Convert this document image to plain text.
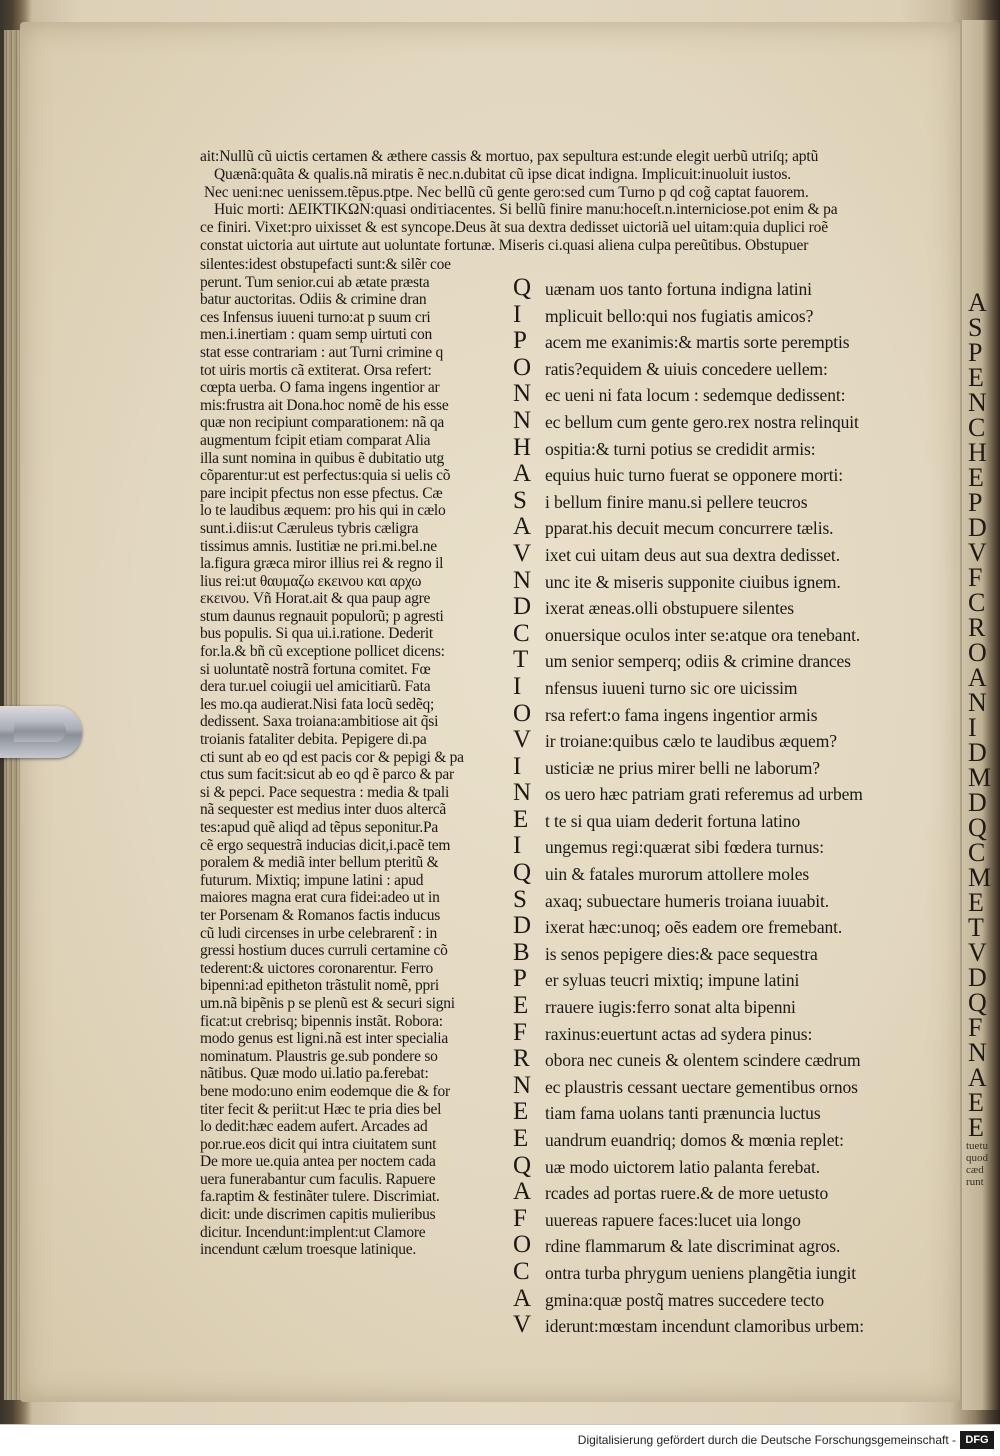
A
S
P
E
N
C
H
E
P
D
V
F
C
R
O
A
N
I
D
M
D
Q
C
M
E
T
V
D
Q
F
N
A
E
E
tuetu
quod
cæd
runt
ait:Nullũ cũ uictis certamen & æthere cassis & mortuo, pax sepultura est:unde elegit uerbũ utriſq; aptũ
Quænã:quãta & qualis.nã miratis ẽ nec.n.dubitat cũ ipse dicat indigna. Implicuit:inuoluit iustos.
Nec ueni:nec uenissem.tẽpus.ptpe. Nec bellũ cũ gente gero:sed cum Turno p qd cog̃ captat fauorem.
Huic morti: ΔΕΙΚΤΙΚΩΝ:quasi ondiτiacentes. Si bellũ finire manu:hoceſt.n.interniciose.pot enim & pa
ce finiri. Vixet:pro uixisset & est syncope.Deus ãt sua dextra dedisset uictoriã uel uitam:quia duplici roẽ
constat uictoria aut uirtute aut uoluntate fortunæ. Miseris ci.quasi aliena culpa pereũtibus. Obstupuer
silentes:idest obstupefacti sunt:& silẽr coe
perunt. Tum senior.cui ab ætate præsta
batur auctoritas. Odiis & crimine dran
ces Infensus iuueni turno:at p suum cri
men.i.inertiam : quam semp uirtuti con
stat esse contrariam : aut Turni crimine q
tot uiris mortis cã extiterat. Orsa refert:
cœpta uerba. O fama ingens ingentior ar
mis:frustra ait Dona.hoc nomẽ de his esse
quæ non recipiunt comparationem: nã qa
augmentum fcipit etiam comparat Alia
illa sunt nomina in quibus ẽ dubitatio utg
cõparentur:ut est perfectus:quia si uelis cõ
pare incipit pfectus non esse pfectus. Cæ
lo te laudibus æquem: pro his qui in cælo
sunt.i.diis:ut Cæruleus tybris cæligra
tissimus amnis. Iustitiæ ne pri.mi.bel.ne
la.figura græca miror illius rei & regno il
lius rei:ut θαυμαζω εκεινου και αρχω
εκεινου. Vñ Horat.ait & qua paup agre
stum daunus regnauit populorũ; p agresti
bus populis. Si qua ui.i.ratione. Dederit
for.la.& bñ cũ exceptione pollicet dicens:
si uoluntatẽ nostrã fortuna comitet. Fœ
dera tur.uel coiugii uel amicitiarũ. Fata
les mo.qa audierat.Nisi fata locũ sedẽq;
dedissent. Saxa troiana:ambitiose ait q̃si
troianis fataliter debita. Pepigere di.pa
cti sunt ab eo qd est pacis cor & pepigi & pa
ctus sum facit:sicut ab eo qd ẽ parco & par
si & pepci. Pace sequestra : media & tpali
nã sequester est medius inter duos altercã
tes:apud quẽ aliqd ad tẽpus seponitur.Pa
cẽ ergo sequestrã inducias dicit,i.pacẽ tem
poralem & mediã inter bellum pteritũ &
futurum. Mixtiq; impune latini : apud
maiores magna erat cura fidei:adeo ut in
ter Porsenam & Romanos factis inducus
cũ ludi circenses in urbe celebrarent̃ : in
gressi hostium duces curruli certamine cõ
tederent:& uictores coronarentur. Ferro
bipenni:ad epitheton trãstulit nomẽ, ppri
um.nã bipẽnis p se plenũ est & securi signi
ficat:ut crebrisq; bipennis instãt. Robora:
modo genus est ligni.nã est inter specialia
nominatum. Plaustris ge.sub pondere so
nãtibus. Quæ modo ui.latio pa.ferebat:
bene modo:uno enim eodemque die & for
titer fecit & periit:ut Hæc te pria dies bel
lo dedit:hæc eadem aufert. Arcades ad
por.rue.eos dicit qui intra ciuitatem sunt
De more ue.quia antea per noctem cada
uera funerabantur cum faculis. Rapuere
fa.raptim & festinãter tulere. Discrimiat.
dicit: unde discrimen capitis mulieribus
dicitur. Incendunt:implent:ut Clamore
incendunt cælum troesque latinique.
Q uænam uos tanto fortuna indigna latini
I	mplicuit bello:qui nos fugiatis amicos?
P	acem me exanimis:& martis sorte peremptis
O ratis?equidem & uiuis concedere uellem:
N ec ueni ni fata locum : sedemque dedissent:
N ec bellum cum gente gero.rex nostra relinquit
H ospitia:& turni potius se credidit armis:
A equius huic turno fuerat se opponere morti:
S	i bellum finire manu.si pellere teucros
A pparat.his decuit mecum concurrere tælis.
V ixet cui uitam deus aut sua dextra dedisset.
N unc ite & miseris supponite ciuibus ignem.
D ixerat æneas.olli obstupuere silentes
C onuersique oculos inter se:atque ora tenebant.
T um senior semperq; odiis & crimine drances
I	nfensus iuueni turno sic ore uicissim
O rsa refert:o fama ingens ingentior armis
V ir troiane:quibus cælo te laudibus æquem?
I	usticiæ ne prius mirer belli ne laborum?
N os uero hæc patriam grati referemus ad urbem
E t te si qua uiam dederit fortuna latino
I	ungemus regi:quærat sibi fœdera turnus:
Q uin & fatales murorum attollere moles
S	axaq; subuectare humeris troiana iuuabit.
D ixerat hæc:unoq; oẽs eadem ore fremebant.
B is senos pepigere dies:& pace sequestra
P	er syluas teucri mixtiq; impune latini
E rrauere iugis:ferro sonat alta bipenni
F	raxinus:euertunt actas ad sydera pinus:
R obora nec cuneis & olentem scindere cædrum
N ec plaustris cessant uectare gementibus ornos
E tiam fama uolans tanti prænuncia luctus
E uandrum euandriq; domos & mœnia replet:
Q uæ modo uictorem latio palanta ferebat.
A rcades ad portas ruere.& de more uetusto
F	uuereas rapuere faces:lucet uia longo
O rdine flammarum & late discriminat agros.
C ontra turba phrygum ueniens plangẽtia iungit
A gmina:quæ postq̃ matres succedere tecto
V iderunt:mœstam incendunt clamoribus urbem:
Digitalisierung gefördert durch die Deutsche Forschungsgemeinschaft - DFG
